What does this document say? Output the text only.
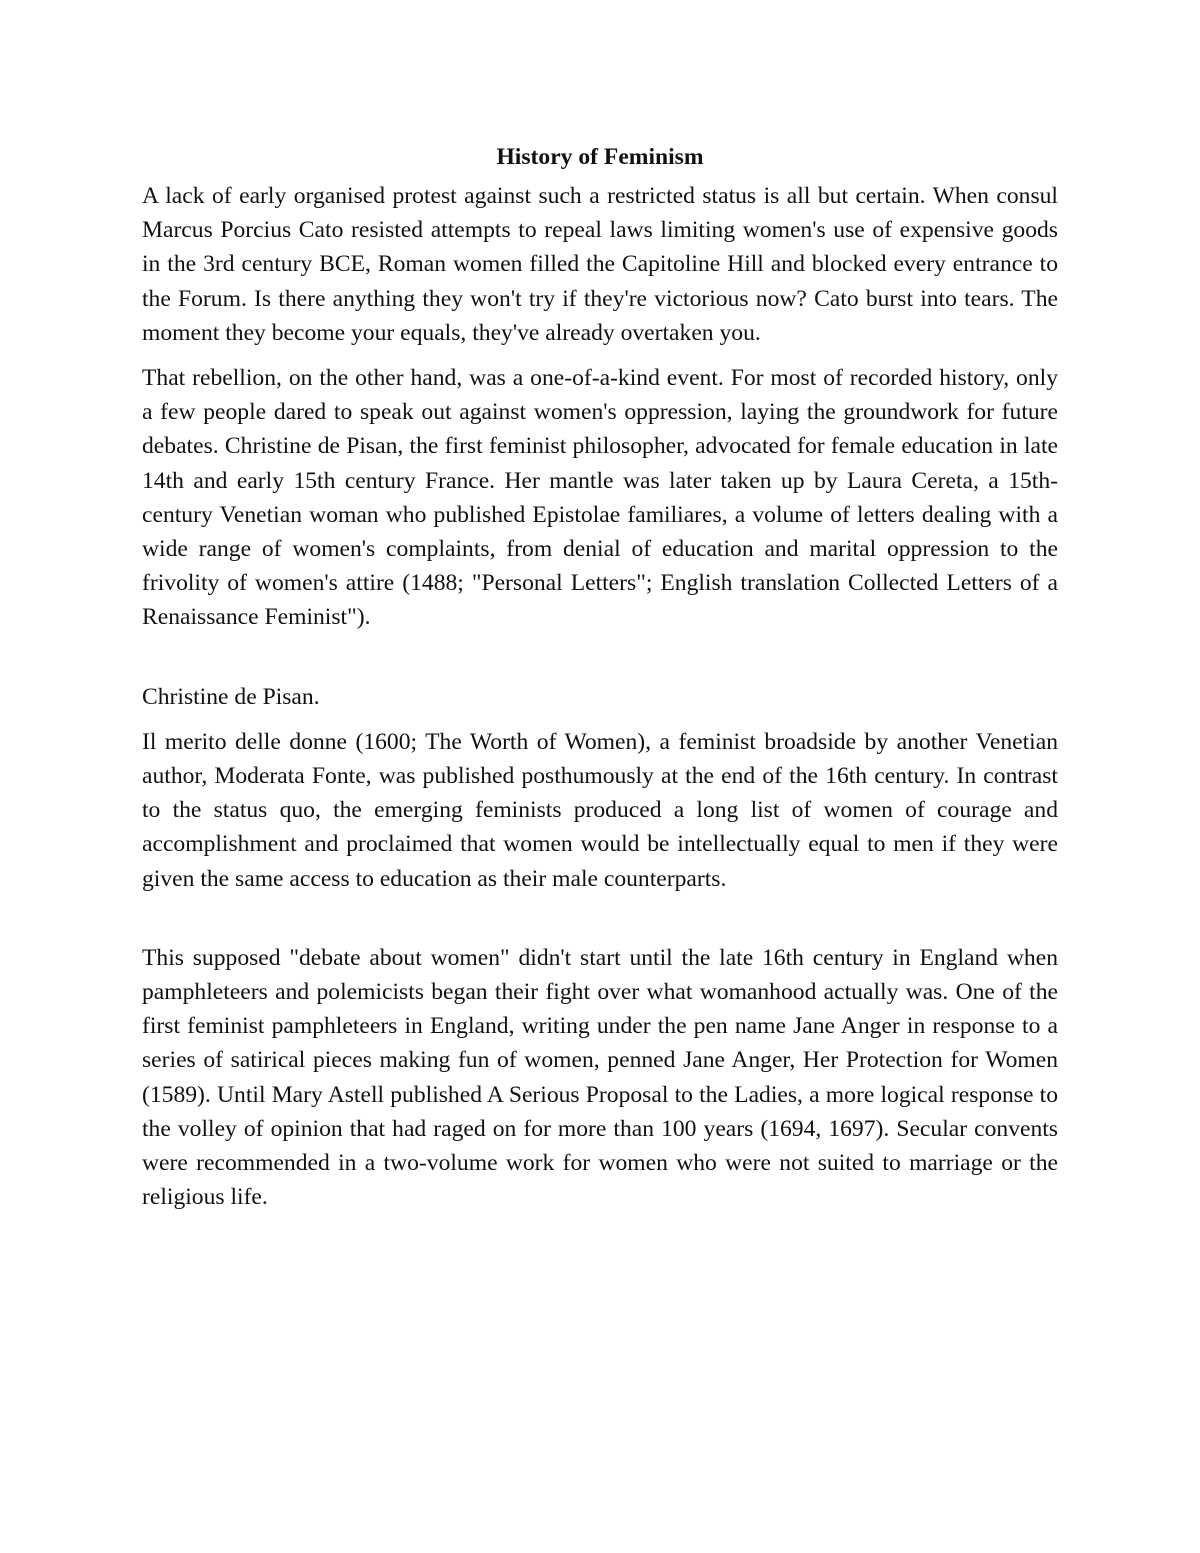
History of Feminism

A lack of early organised protest against such a restricted status is all but certain. When consul Marcus Porcius Cato resisted attempts to repeal laws limiting women's use of expensive goods in the 3rd century BCE, Roman women filled the Capitoline Hill and blocked every entrance to the Forum. Is there anything they won't try if they're victorious now? Cato burst into tears. The moment they become your equals, they've already overtaken you.

That rebellion, on the other hand, was a one-of-a-kind event. For most of recorded history, only a few people dared to speak out against women's oppression, laying the groundwork for future debates. Christine de Pisan, the first feminist philosopher, advocated for female education in late 14th and early 15th century France. Her mantle was later taken up by Laura Cereta, a 15th-century Venetian woman who published Epistolae familiares, a volume of letters dealing with a wide range of women's complaints, from denial of education and marital oppression to the frivolity of women's attire (1488; "Personal Letters"; English translation Collected Letters of a Renaissance Feminist").

Christine de Pisan.

Il merito delle donne (1600; The Worth of Women), a feminist broadside by another Venetian author, Moderata Fonte, was published posthumously at the end of the 16th century. In contrast to the status quo, the emerging feminists produced a long list of women of courage and accomplishment and proclaimed that women would be intellectually equal to men if they were given the same access to education as their male counterparts.

This supposed "debate about women" didn't start until the late 16th century in England when pamphleteers and polemicists began their fight over what womanhood actually was. One of the first feminist pamphleteers in England, writing under the pen name Jane Anger in response to a series of satirical pieces making fun of women, penned Jane Anger, Her Protection for Women (1589). Until Mary Astell published A Serious Proposal to the Ladies, a more logical response to the volley of opinion that had raged on for more than 100 years (1694, 1697). Secular convents were recommended in a two-volume work for women who were not suited to marriage or the religious life.
